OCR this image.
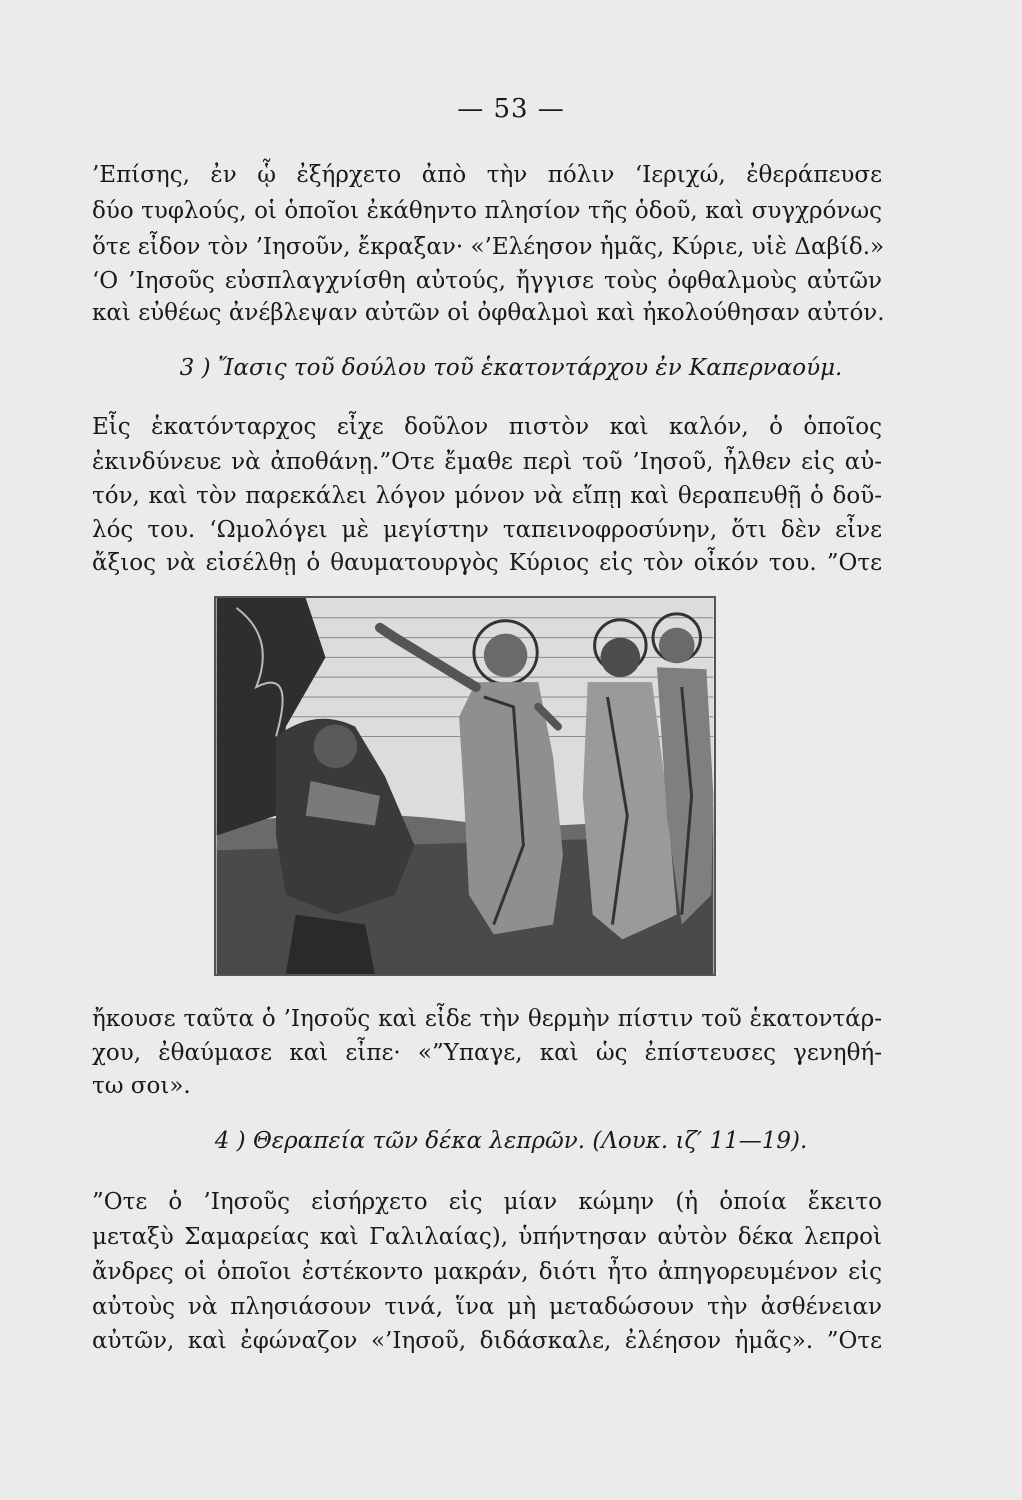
— 53 —
’Επίσης, ἐν ᾧ ἐξήρχετο ἀπὸ τὴν πόλιν ‘Ιεριχώ, ἐθεράπευσε
δύο τυφλούς, οἱ ὁποῖοι ἐκάθηντο πλησίον τῆς ὁδοῦ, καὶ συγχρόνως
ὅτε εἶδον τὸν ’Ιησοῦν, ἔκραξαν· «’Ελέησον ἡμᾶς, Κύριε, υἱὲ Δαβίδ.»
‘Ο ’Ιησοῦς εὐσπλαγχνίσθη αὐτούς, ἤγγισε τοὺς ὀφθαλμοὺς αὐτῶν
καὶ εὐθέως ἀνέβλεψαν αὐτῶν οἱ ὀφθαλμοὶ καὶ ἠκολούθησαν αὐτόν.
3 ) Ἴασις τοῦ δούλου τοῦ ἑκατοντάρχου ἐν Καπερναούμ.
Εἷς ἑκατόνταρχος εἶχε δοῦλον πιστὸν καὶ καλόν, ὁ ὁποῖος
ἐκινδύνευε νὰ ἀποθάνῃ.”Οτε ἔμαθε περὶ τοῦ ’Ιησοῦ, ἦλθεν εἰς αὐ-
τόν, καὶ τὸν παρεκάλει λόγον μόνον νὰ εἴπῃ καὶ θεραπευθῇ ὁ δοῦ-
λός του. ‘Ωμολόγει μὲ μεγίστην ταπεινοφροσύνην, ὅτι δὲν εἶνε
ἄξιος νὰ εἰσέλθῃ ὁ θαυματουργὸς Κύριος εἰς τὸν οἶκόν του. ”Οτε
ἤκουσε ταῦτα ὁ ’Ιησοῦς καὶ εἶδε τὴν θερμὴν πίστιν τοῦ ἑκατοντάρ-
χου, ἐθαύμασε καὶ εἶπε· «”Υπαγε, καὶ ὡς ἐπίστευσες γενηθή-
τω σοι».
4 ) Θεραπεία τῶν δέκα λεπρῶν. (Λουκ. ιζ′ 11—19).
”Οτε ὁ ’Ιησοῦς εἰσήρχετο εἰς μίαν κώμην (ἡ ὁποία ἔκειτο
μεταξὺ Σαμαρείας καὶ Γαλιλαίας), ὑπήντησαν αὐτὸν δέκα λεπροὶ
ἄνδρες οἱ ὁποῖοι ἐστέκοντο μακράν, διότι ἦτο ἀπηγορευμένον εἰς
αὐτοὺς νὰ πλησιάσουν τινά, ἵνα μὴ μεταδώσουν τὴν ἀσθένειαν
αὐτῶν, καὶ ἐφώναζον «’Ιησοῦ, διδάσκαλε, ἐλέησον ἡμᾶς». ”Οτε
